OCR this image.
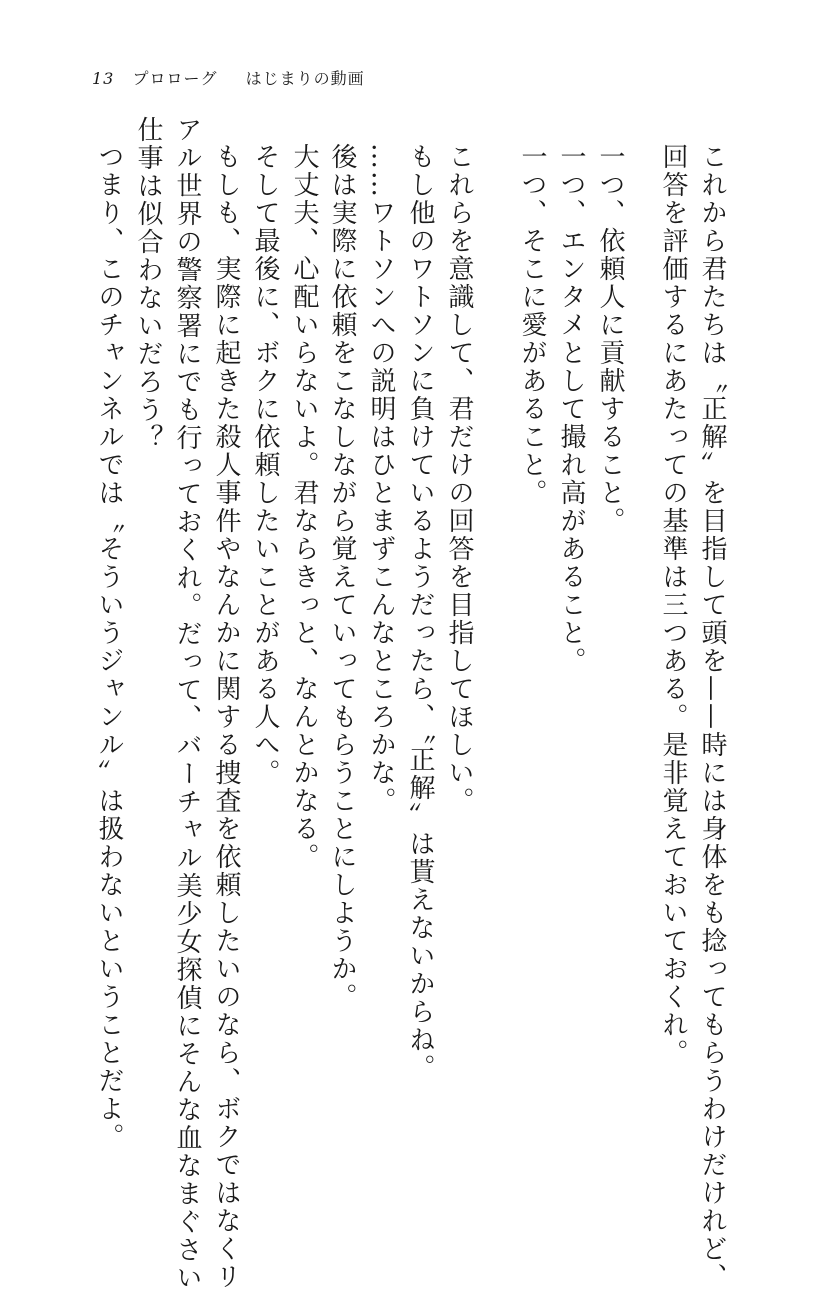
13 プロローグ はじまりの動画
これから君たちは〝正解〟を目指して頭を——時には身体をも捻ってもらうわけだけれど、
回答を評価するにあたっての基準は三つある。是非覚えておいておくれ。
一つ、依頼人に貢献すること。
一つ、エンタメとして撮れ高があること。
一つ、そこに愛があること。
これらを意識して、君だけの回答を目指してほしい。
もし他のワトソンに負けているようだったら、〝正解〟は貰えないからね。
……ワトソンへの説明はひとまずこんなところかな。
後は実際に依頼をこなしながら覚えていってもらうことにしようか。
大丈夫、心配いらないよ。君ならきっと、なんとかなる。
そして最後に、ボクに依頼したいことがある人へ。
もしも、実際に起きた殺人事件やなんかに関する捜査を依頼したいのなら、ボクではなくリ
アル世界の警察署にでも行っておくれ。だって、バーチャル美少女探偵にそんな血なまぐさい
仕事は似合わないだろう？
つまり、このチャンネルでは〝そういうジャンル〟は扱わないということだよ。
